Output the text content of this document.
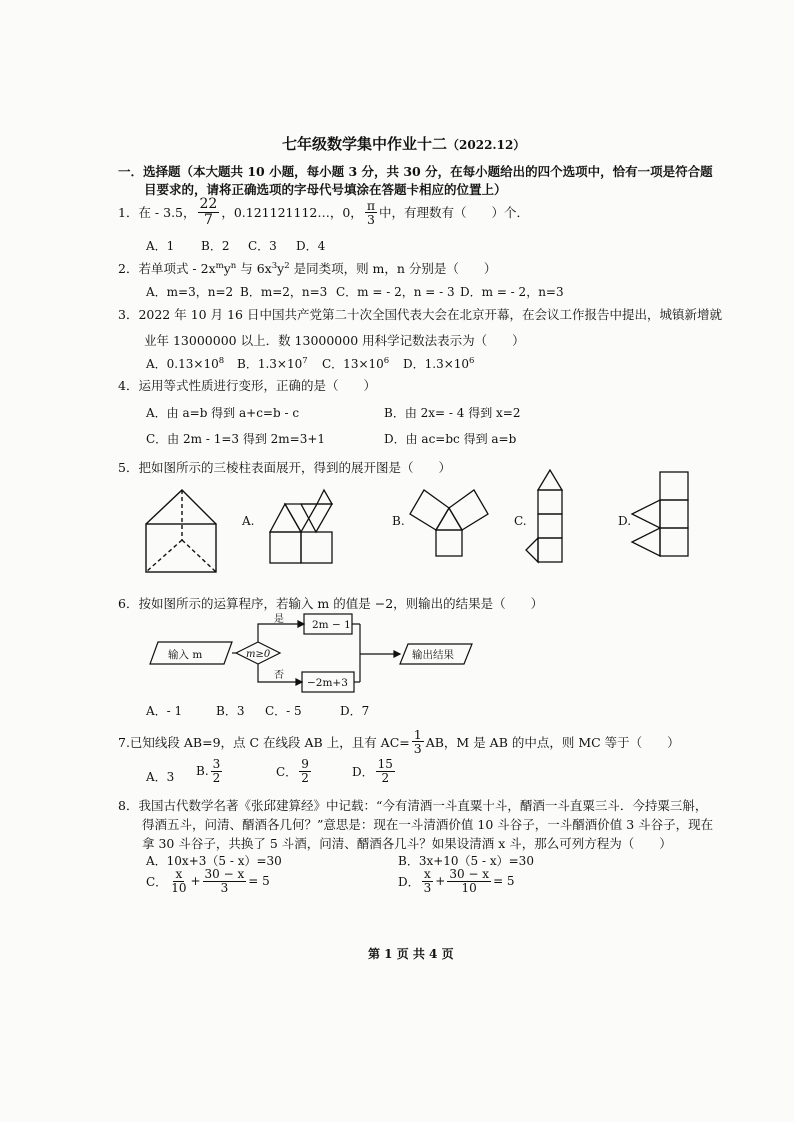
七年级数学集中作业十二（2022.12）
一．选择题（本大题共 10 小题，每小题 3 分，共 30 分，在每小题给出的四个选项中，恰有一项是符合题
目要求的，请将正确选项的字母代号填涂在答题卡相应的位置上）
1．在 - 3.5， $\frac{22}{7}$ ，0.121121112…，0， $\frac{\pi}{3}$ 中，有理数有（　　）个．
A．1 B．2 C．3 D．4
2．若单项式 - $2x^my^n$ 与 $6x^3y^2$ 是同类项，则 m，n 分别是（　　）
A．m=3，n=2 B．m=2，n=3 C．m = - 2，n = - 3 D．m = - 2，n=3
3．2022 年 10 月 16 日中国共产党第二十次全国代表大会在北京开幕，在会议工作报告中提出，城镇新增就
业年 13000000 以上．数 13000000 用科学记数法表示为（　　）
A．$0.13\times 10^8$ B．$1.3\times 10^7$ C．$13\times 10^6$ D．$1.3\times 10^6$
4．运用等式性质进行变形，正确的是（　　）
A．由 a=b 得到 a+c=b - c	B．由 2x= - 4 得到 x=2
C．由 2m - 1=3 得到 2m=3+1	D．由 ac=bc 得到 a=b
5．把如图所示的三棱柱表面展开，得到的展开图是（　　）
A.	B.	C.	D.
6．按如图所示的运算程序，若输入 m 的值是 −2，则输出的结果是（　　）
输入 m	m≥0
是
否
2m − 1
−2m+3
输出结果
A．- 1	B．3 C．- 5	D．7
7.已知线段 AB=9，点 C 在线段 AB 上，且有 $AC= \frac{1}{3}$ AB，M 是 AB 的中点，则 MC 等于（　　）
A．3 B. $\frac{3}{2}$	C． $\frac{9}{2}$	D． $\frac{15}{2}$
8．我国古代数学名著《张邱建算经》中记载：“今有清酒一斗直粟十斗，醑酒一斗直粟三斗．今持粟三斛，
得酒五斗，问清、醑酒各几何？”意思是：现在一斗清酒价值 10 斗谷子，一斗醑酒价值 3 斗谷子，现在
拿 30 斗谷子，共换了 5 斗酒，问清、醑酒各几斗？如果设清酒 x 斗，那么可列方程为（　　）
A．10x+3（5 - x）=30	B．3x+10（5 - x）=30
C． $\frac{x}{10} + \frac{30 - x}{3} = 5$	D． $\frac{x}{3} + \frac{30 - x}{10} = 5$
第 1 页 共 4 页
